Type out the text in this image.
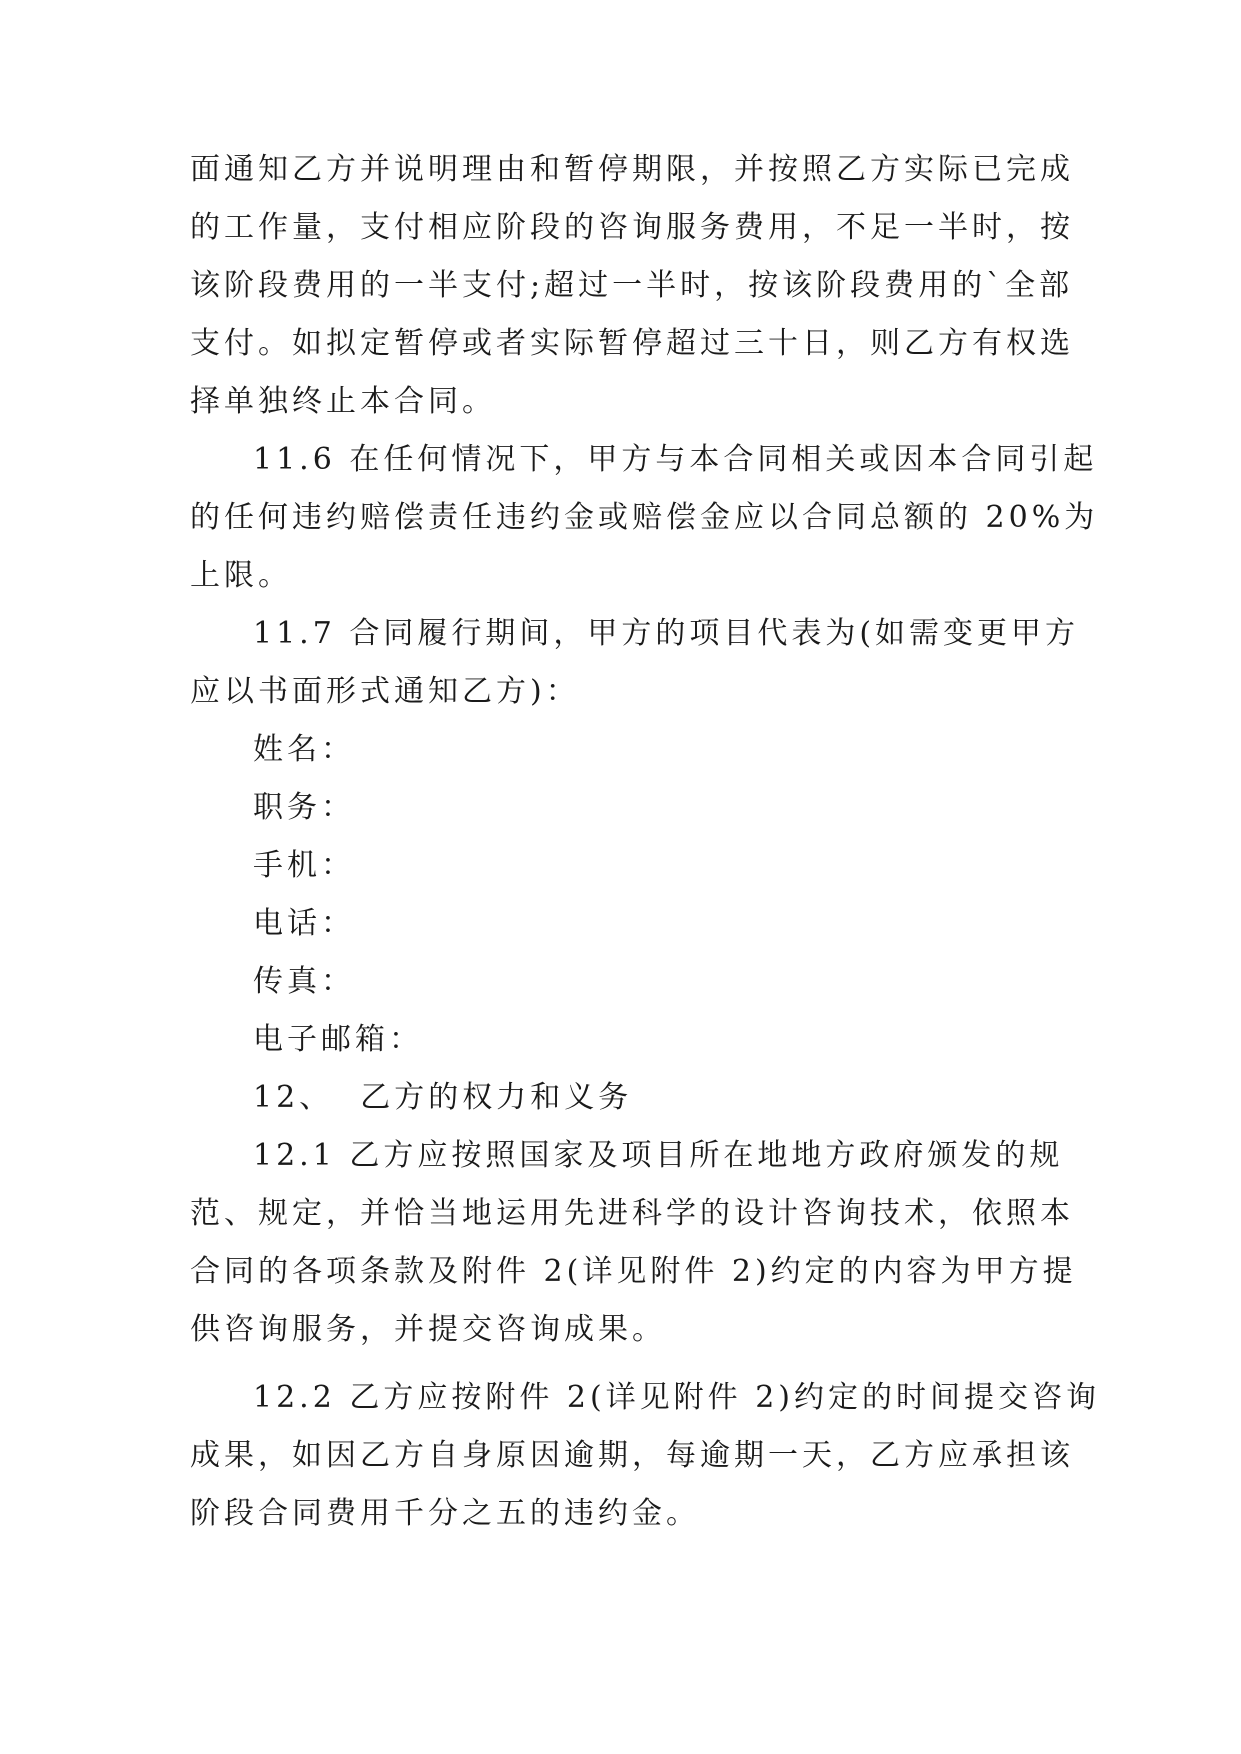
面通知乙方并说明理由和暂停期限，并按照乙方实际已完成
的工作量，支付相应阶段的咨询服务费用，不足一半时，按
该阶段费用的一半支付;超过一半时，按该阶段费用的`全部
支付。如拟定暂停或者实际暂停超过三十日，则乙方有权选
择单独终止本合同。
11.6 在任何情况下，甲方与本合同相关或因本合同引起
的任何违约赔偿责任违约金或赔偿金应以合同总额的 20%为
上限。
11.7 合同履行期间，甲方的项目代表为(如需变更甲方
应以书面形式通知乙方)：
姓名：
职务：
手机：
电话：
传真：
电子邮箱：
12、  乙方的权力和义务
12.1 乙方应按照国家及项目所在地地方政府颁发的规
范、规定，并恰当地运用先进科学的设计咨询技术，依照本
合同的各项条款及附件 2(详见附件 2)约定的内容为甲方提
供咨询服务，并提交咨询成果。
12.2 乙方应按附件 2(详见附件 2)约定的时间提交咨询
成果，如因乙方自身原因逾期，每逾期一天，乙方应承担该
阶段合同费用千分之五的违约金。
